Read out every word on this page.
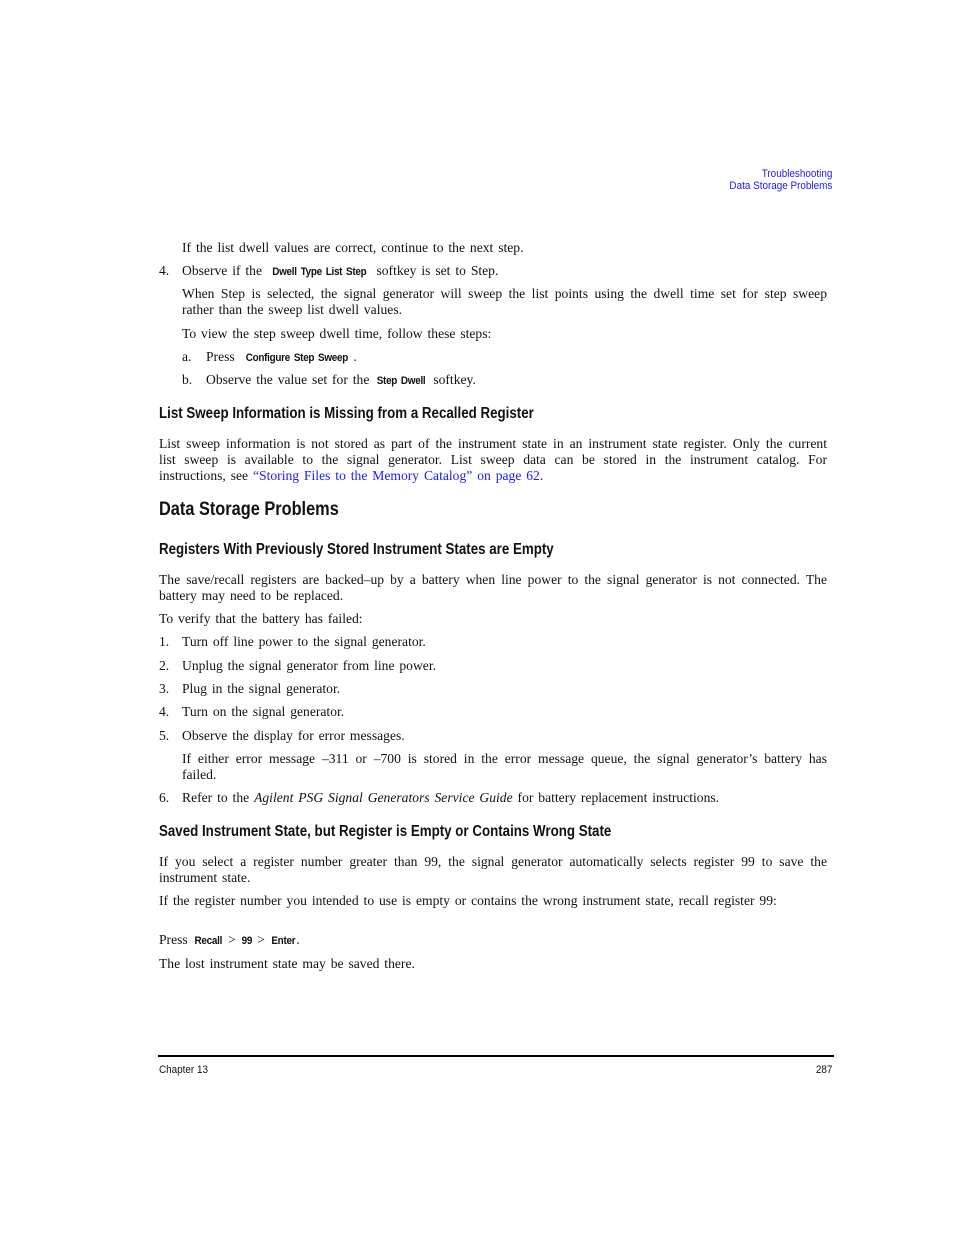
Troubleshooting
Data Storage Problems
If the list dwell values are correct, continue to the next step.
4. Observe if the Dwell Type List Step softkey is set to Step.
When Step is selected, the signal generator will sweep the list points using the dwell time set for step sweep rather than the sweep list dwell values.
To view the step sweep dwell time, follow these steps:
a. Press Configure Step Sweep .
b. Observe the value set for the Step Dwell softkey.
List Sweep Information is Missing from a Recalled Register
List sweep information is not stored as part of the instrument state in an instrument state register. Only the current list sweep is available to the signal generator. List sweep data can be stored in the instrument catalog. For instructions, see “Storing Files to the Memory Catalog” on page 62.
Data Storage Problems
Registers With Previously Stored Instrument States are Empty
The save/recall registers are backed–up by a battery when line power to the signal generator is not connected. The battery may need to be replaced.
To verify that the battery has failed:
1. Turn off line power to the signal generator.
2. Unplug the signal generator from line power.
3. Plug in the signal generator.
4. Turn on the signal generator.
5. Observe the display for error messages.
If either error message –311 or –700 is stored in the error message queue, the signal generator’s battery has failed.
6. Refer to the Agilent PSG Signal Generators Service Guide for battery replacement instructions.
Saved Instrument State, but Register is Empty or Contains Wrong State
If you select a register number greater than 99, the signal generator automatically selects register 99 to save the instrument state.
If the register number you intended to use is empty or contains the wrong instrument state, recall register 99:
Press Recall > 99 > Enter.
The lost instrument state may be saved there.
Chapter 13	287
